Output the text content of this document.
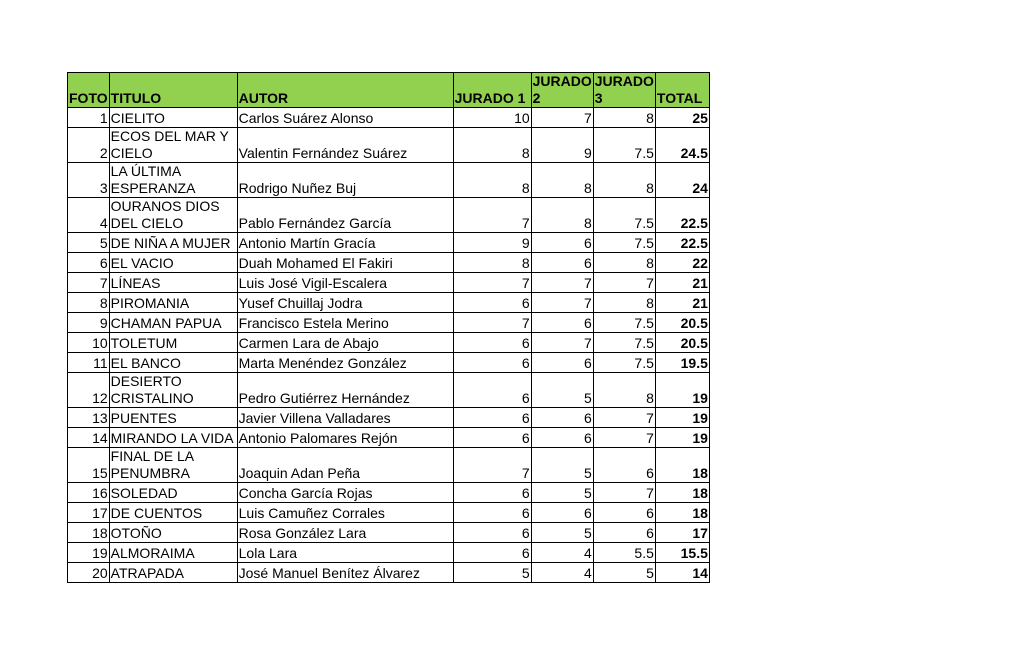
FOTO	TITULO	AUTOR	JURADO 1	JURADO 2	JURADO 3	TOTAL
1	CIELITO	Carlos Suárez Alonso	10	7	8	25
2	ECOS DEL MAR Y CIELO	Valentin Fernández Suárez	8	9	7.5	24.5
3	LA ÚLTIMA ESPERANZA	Rodrigo Nuñez Buj	8	8	8	24
4	OURANOS DIOS DEL CIELO	Pablo Fernández García	7	8	7.5	22.5
5	DE NIÑA A MUJER	Antonio Martín Gracía	9	6	7.5	22.5
6	EL VACIO	Duah Mohamed El Fakiri	8	6	8	22
7	LÍNEAS	Luis José Vigil-Escalera	7	7	7	21
8	PIROMANIA	Yusef Chuillaj Jodra	6	7	8	21
9	CHAMAN PAPUA	Francisco Estela Merino	7	6	7.5	20.5
10	TOLETUM	Carmen Lara de Abajo	6	7	7.5	20.5
11	EL BANCO	Marta Menéndez González	6	6	7.5	19.5
12	DESIERTO CRISTALINO	Pedro Gutiérrez Hernández	6	5	8	19
13	PUENTES	Javier Villena Valladares	6	6	7	19
14	MIRANDO LA VIDA	Antonio Palomares Rejón	6	6	7	19
15	FINAL DE LA PENUMBRA	Joaquin Adan Peña	7	5	6	18
16	SOLEDAD	Concha García Rojas	6	5	7	18
17	DE CUENTOS	Luis Camuñez Corrales	6	6	6	18
18	OTOÑO	Rosa González Lara	6	5	6	17
19	ALMORAIMA	Lola Lara	6	4	5.5	15.5
20	ATRAPADA	José Manuel Benítez Álvarez	5	4	5	14
